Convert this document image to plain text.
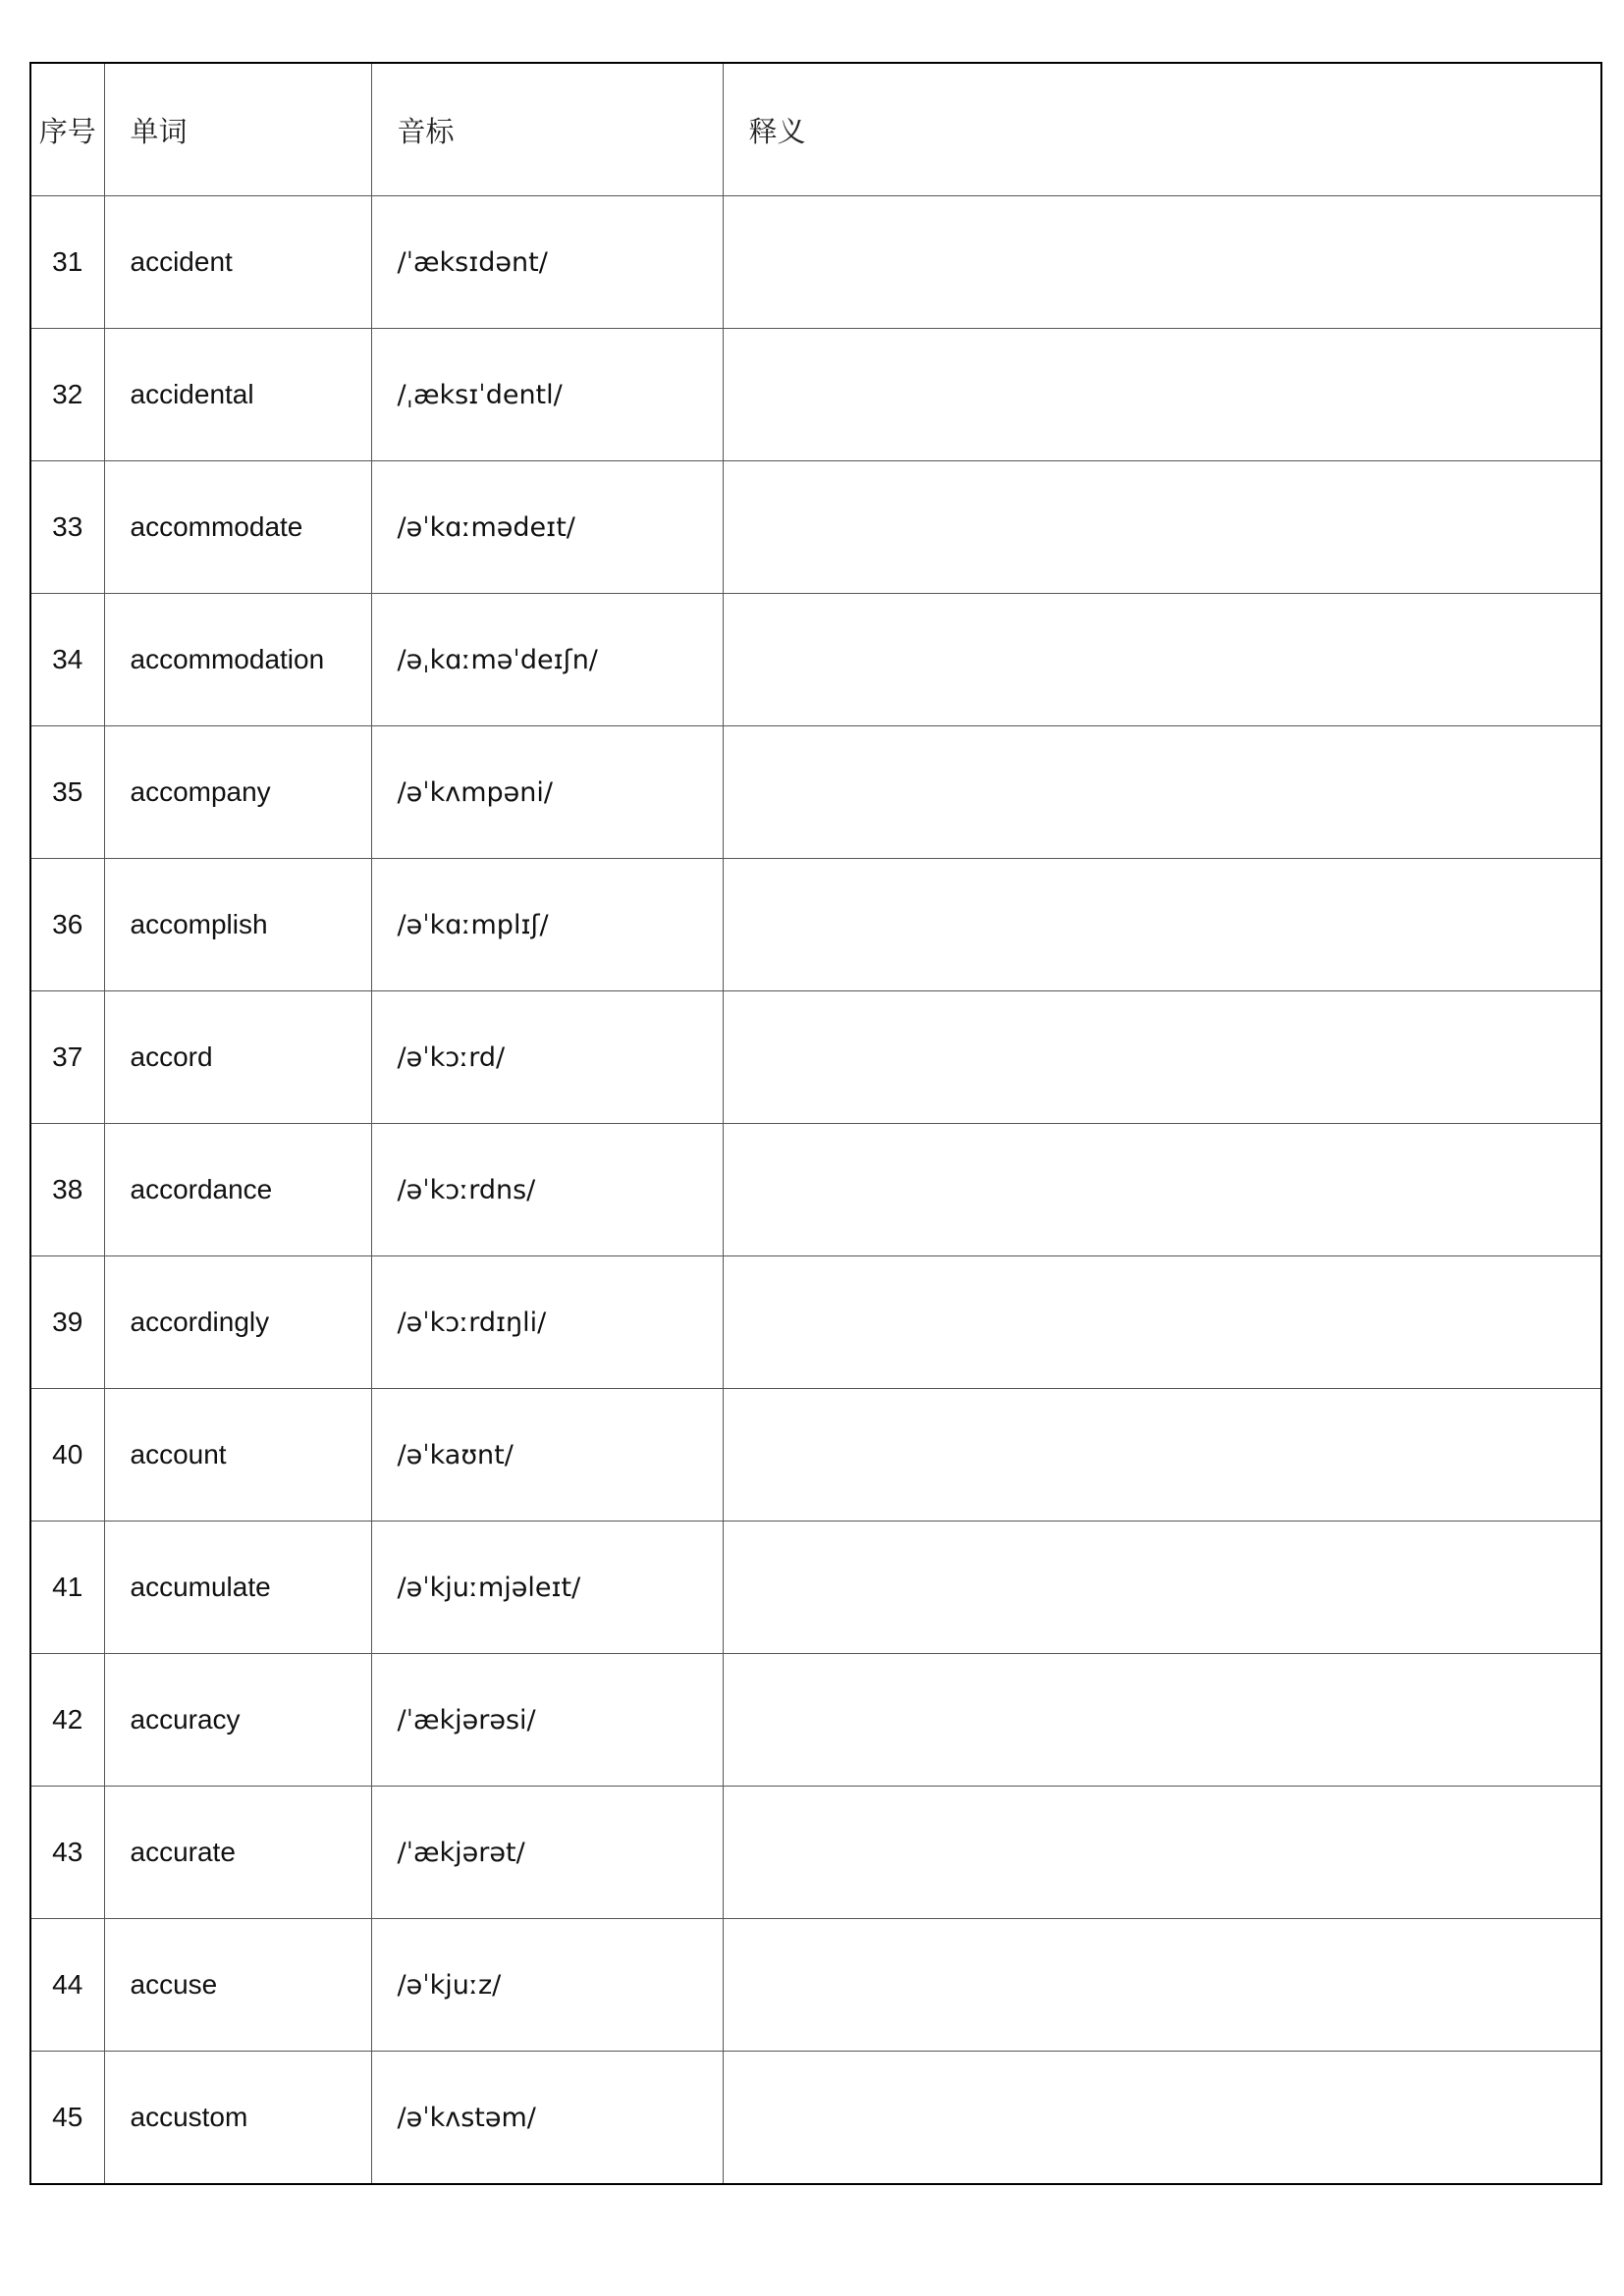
序号	单词	音标	释义
31	accident	/ˈæksɪdənt/	
32	accidental	/ˌæksɪˈdentl/	
33	accommodate	/əˈkɑːmədeɪt/	
34	accommodation	/əˌkɑːməˈdeɪʃn/	
35	accompany	/əˈkʌmpəni/	
36	accomplish	/əˈkɑːmplɪʃ/	
37	accord	/əˈkɔːrd/	
38	accordance	/əˈkɔːrdns/	
39	accordingly	/əˈkɔːrdɪŋli/	
40	account	/əˈkaʊnt/	
41	accumulate	/əˈkjuːmjəleɪt/	
42	accuracy	/ˈækjərəsi/	
43	accurate	/ˈækjərət/	
44	accuse	/əˈkjuːz/	
45	accustom	/əˈkʌstəm/	
